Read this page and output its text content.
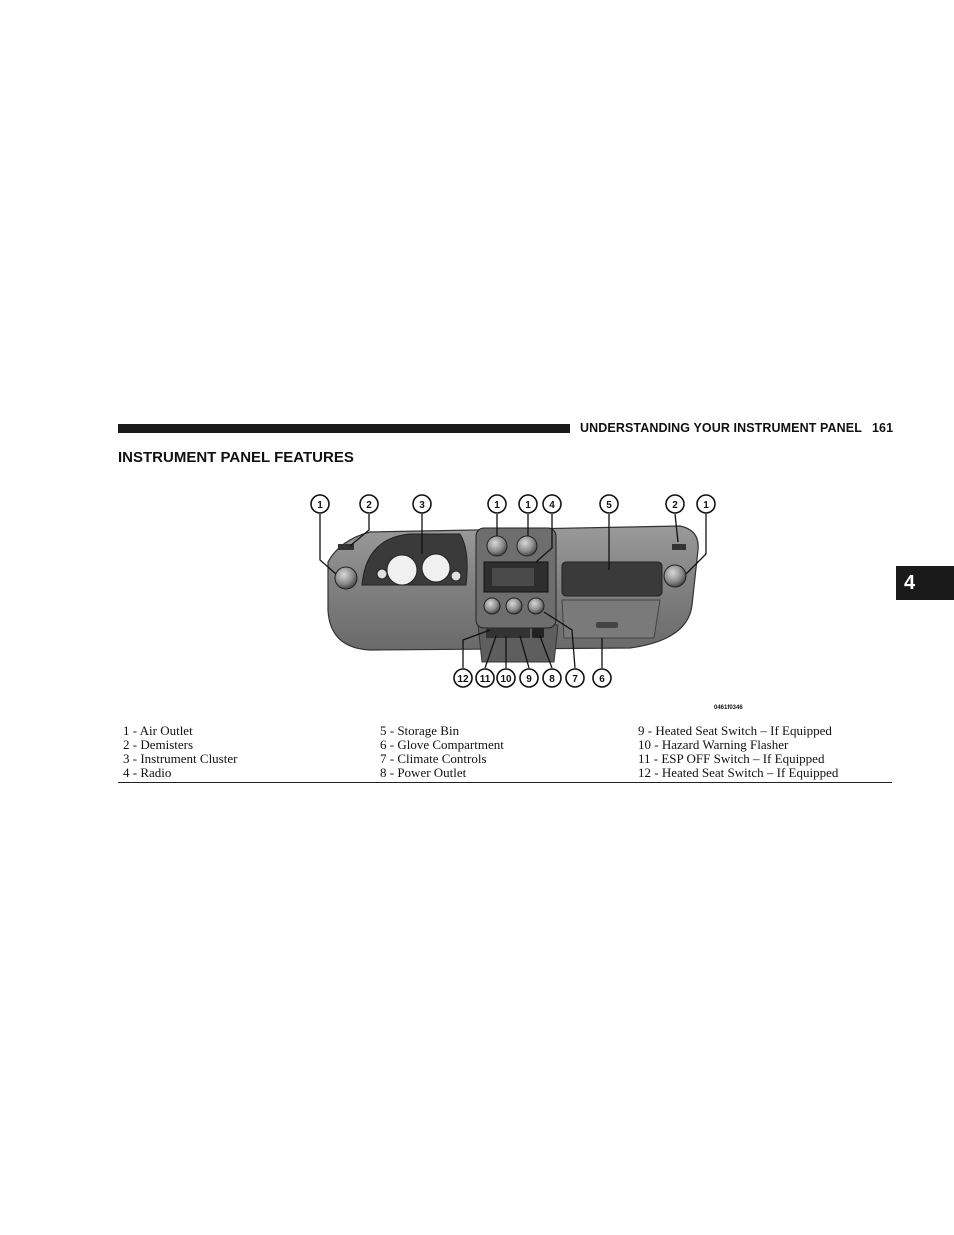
UNDERSTANDING YOUR INSTRUMENT PANEL 161
INSTRUMENT PANEL FEATURES
4
1	2	3	1	1 4	5	2	1
12 11 10 9 8 7 6
0461f0346
1 - Air Outlet
2 - Demisters
3 - Instrument Cluster
4 - Radio
5 - Storage Bin
6 - Glove Compartment
7 - Climate Controls
8 - Power Outlet
9 - Heated Seat Switch – If Equipped
10 - Hazard Warning Flasher
11 - ESP OFF Switch – If Equipped
12 - Heated Seat Switch – If Equipped
